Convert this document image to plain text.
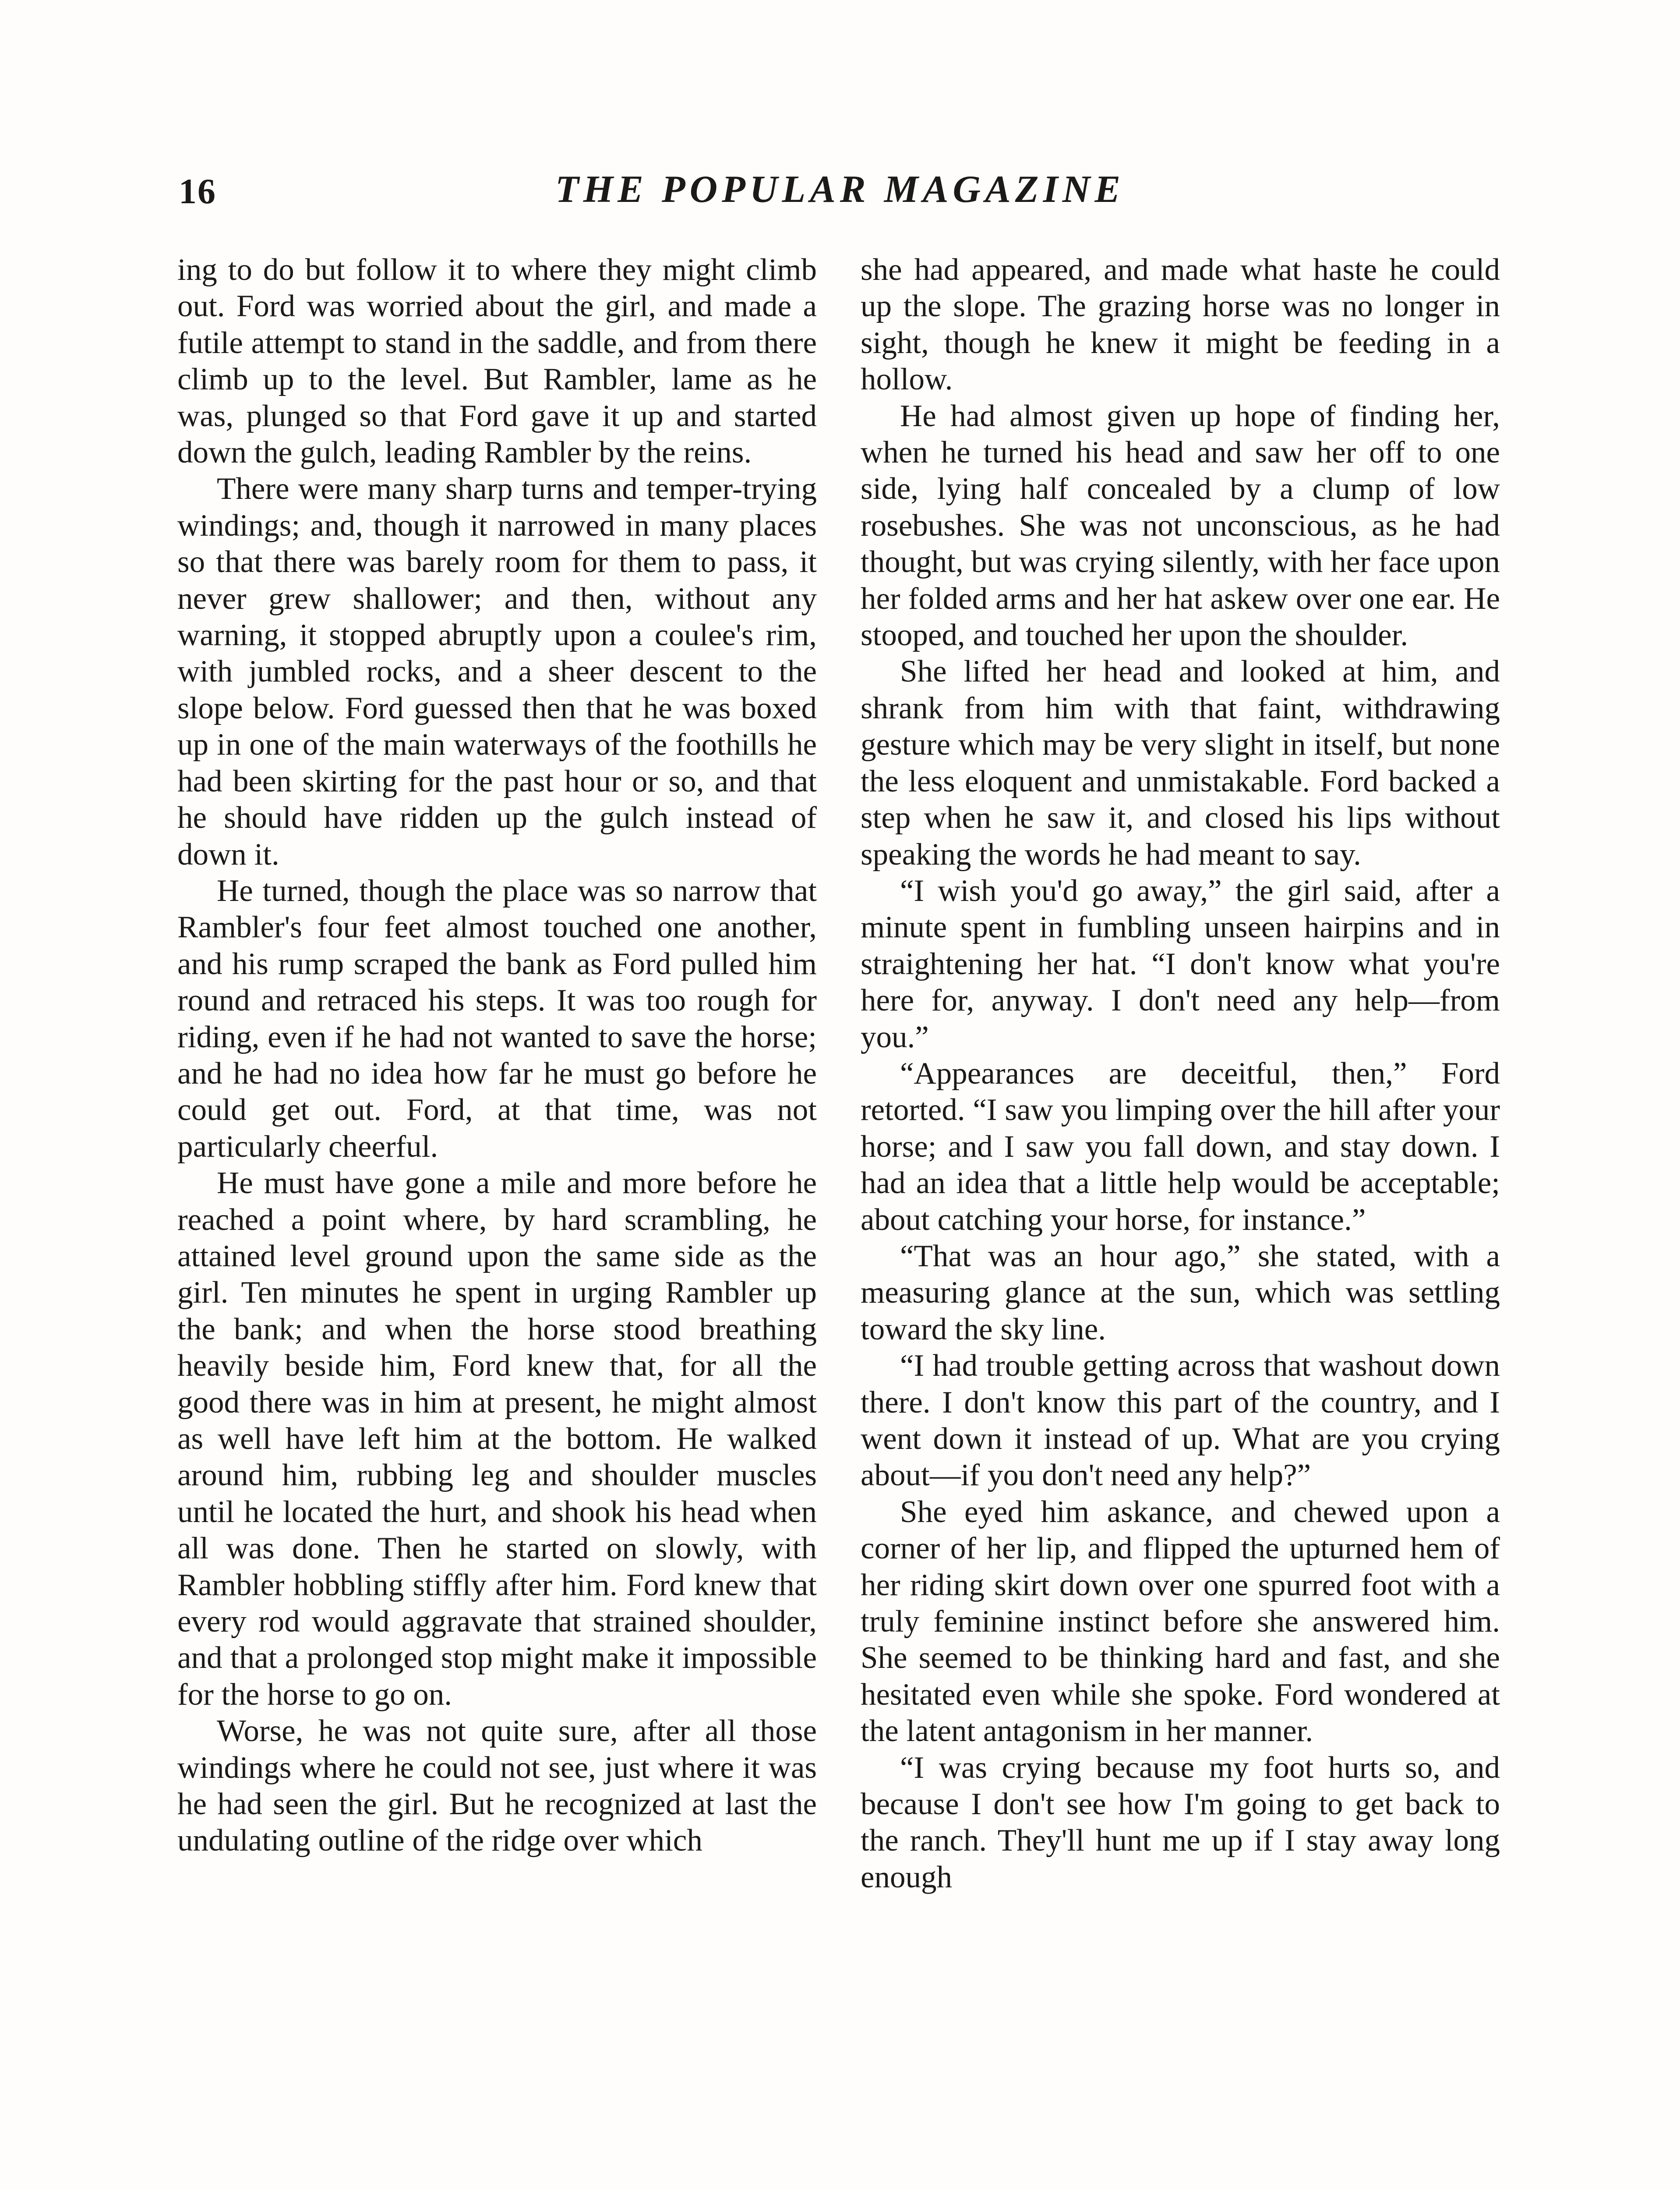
16	THE POPULAR MAGAZINE

ing to do but follow it to where they might climb out. Ford was worried about the girl, and made a futile attempt to stand in the saddle, and from there climb up to the level. But Rambler, lame as he was, plunged so that Ford gave it up and started down the gulch, leading Rambler by the reins.

There were many sharp turns and temper-trying windings; and, though it narrowed in many places so that there was barely room for them to pass, it never grew shallower; and then, without any warning, it stopped abruptly upon a coulee's rim, with jumbled rocks, and a sheer descent to the slope below. Ford guessed then that he was boxed up in one of the main waterways of the foothills he had been skirting for the past hour or so, and that he should have ridden up the gulch instead of down it.

He turned, though the place was so narrow that Rambler's four feet almost touched one another, and his rump scraped the bank as Ford pulled him round and retraced his steps. It was too rough for riding, even if he had not wanted to save the horse; and he had no idea how far he must go before he could get out. Ford, at that time, was not particularly cheerful.

He must have gone a mile and more before he reached a point where, by hard scrambling, he attained level ground upon the same side as the girl. Ten minutes he spent in urging Rambler up the bank; and when the horse stood breathing heavily beside him, Ford knew that, for all the good there was in him at present, he might almost as well have left him at the bottom. He walked around him, rubbing leg and shoulder muscles until he located the hurt, and shook his head when all was done. Then he started on slowly, with Rambler hobbling stiffly after him. Ford knew that every rod would aggravate that strained shoulder, and that a prolonged stop might make it impossible for the horse to go on.

Worse, he was not quite sure, after all those windings where he could not see, just where it was he had seen the girl. But he recognized at last the undulating outline of the ridge over which

she had appeared, and made what haste he could up the slope. The grazing horse was no longer in sight, though he knew it might be feeding in a hollow.

He had almost given up hope of finding her, when he turned his head and saw her off to one side, lying half concealed by a clump of low rosebushes. She was not unconscious, as he had thought, but was crying silently, with her face upon her folded arms and her hat askew over one ear. He stooped, and touched her upon the shoulder.

She lifted her head and looked at him, and shrank from him with that faint, withdrawing gesture which may be very slight in itself, but none the less eloquent and unmistakable. Ford backed a step when he saw it, and closed his lips without speaking the words he had meant to say.

“I wish you'd go away,” the girl said, after a minute spent in fumbling unseen hairpins and in straightening her hat. “I don't know what you're here for, anyway. I don't need any help—from you.”

“Appearances are deceitful, then,” Ford retorted. “I saw you limping over the hill after your horse; and I saw you fall down, and stay down. I had an idea that a little help would be acceptable; about catching your horse, for instance.”

“That was an hour ago,” she stated, with a measuring glance at the sun, which was settling toward the sky line.

“I had trouble getting across that washout down there. I don't know this part of the country, and I went down it instead of up. What are you crying about—if you don't need any help?”

She eyed him askance, and chewed upon a corner of her lip, and flipped the upturned hem of her riding skirt down over one spurred foot with a truly feminine instinct before she answered him. She seemed to be thinking hard and fast, and she hesitated even while she spoke. Ford wondered at the latent antagonism in her manner.

“I was crying because my foot hurts so, and because I don't see how I'm going to get back to the ranch. They'll hunt me up if I stay away long enough
